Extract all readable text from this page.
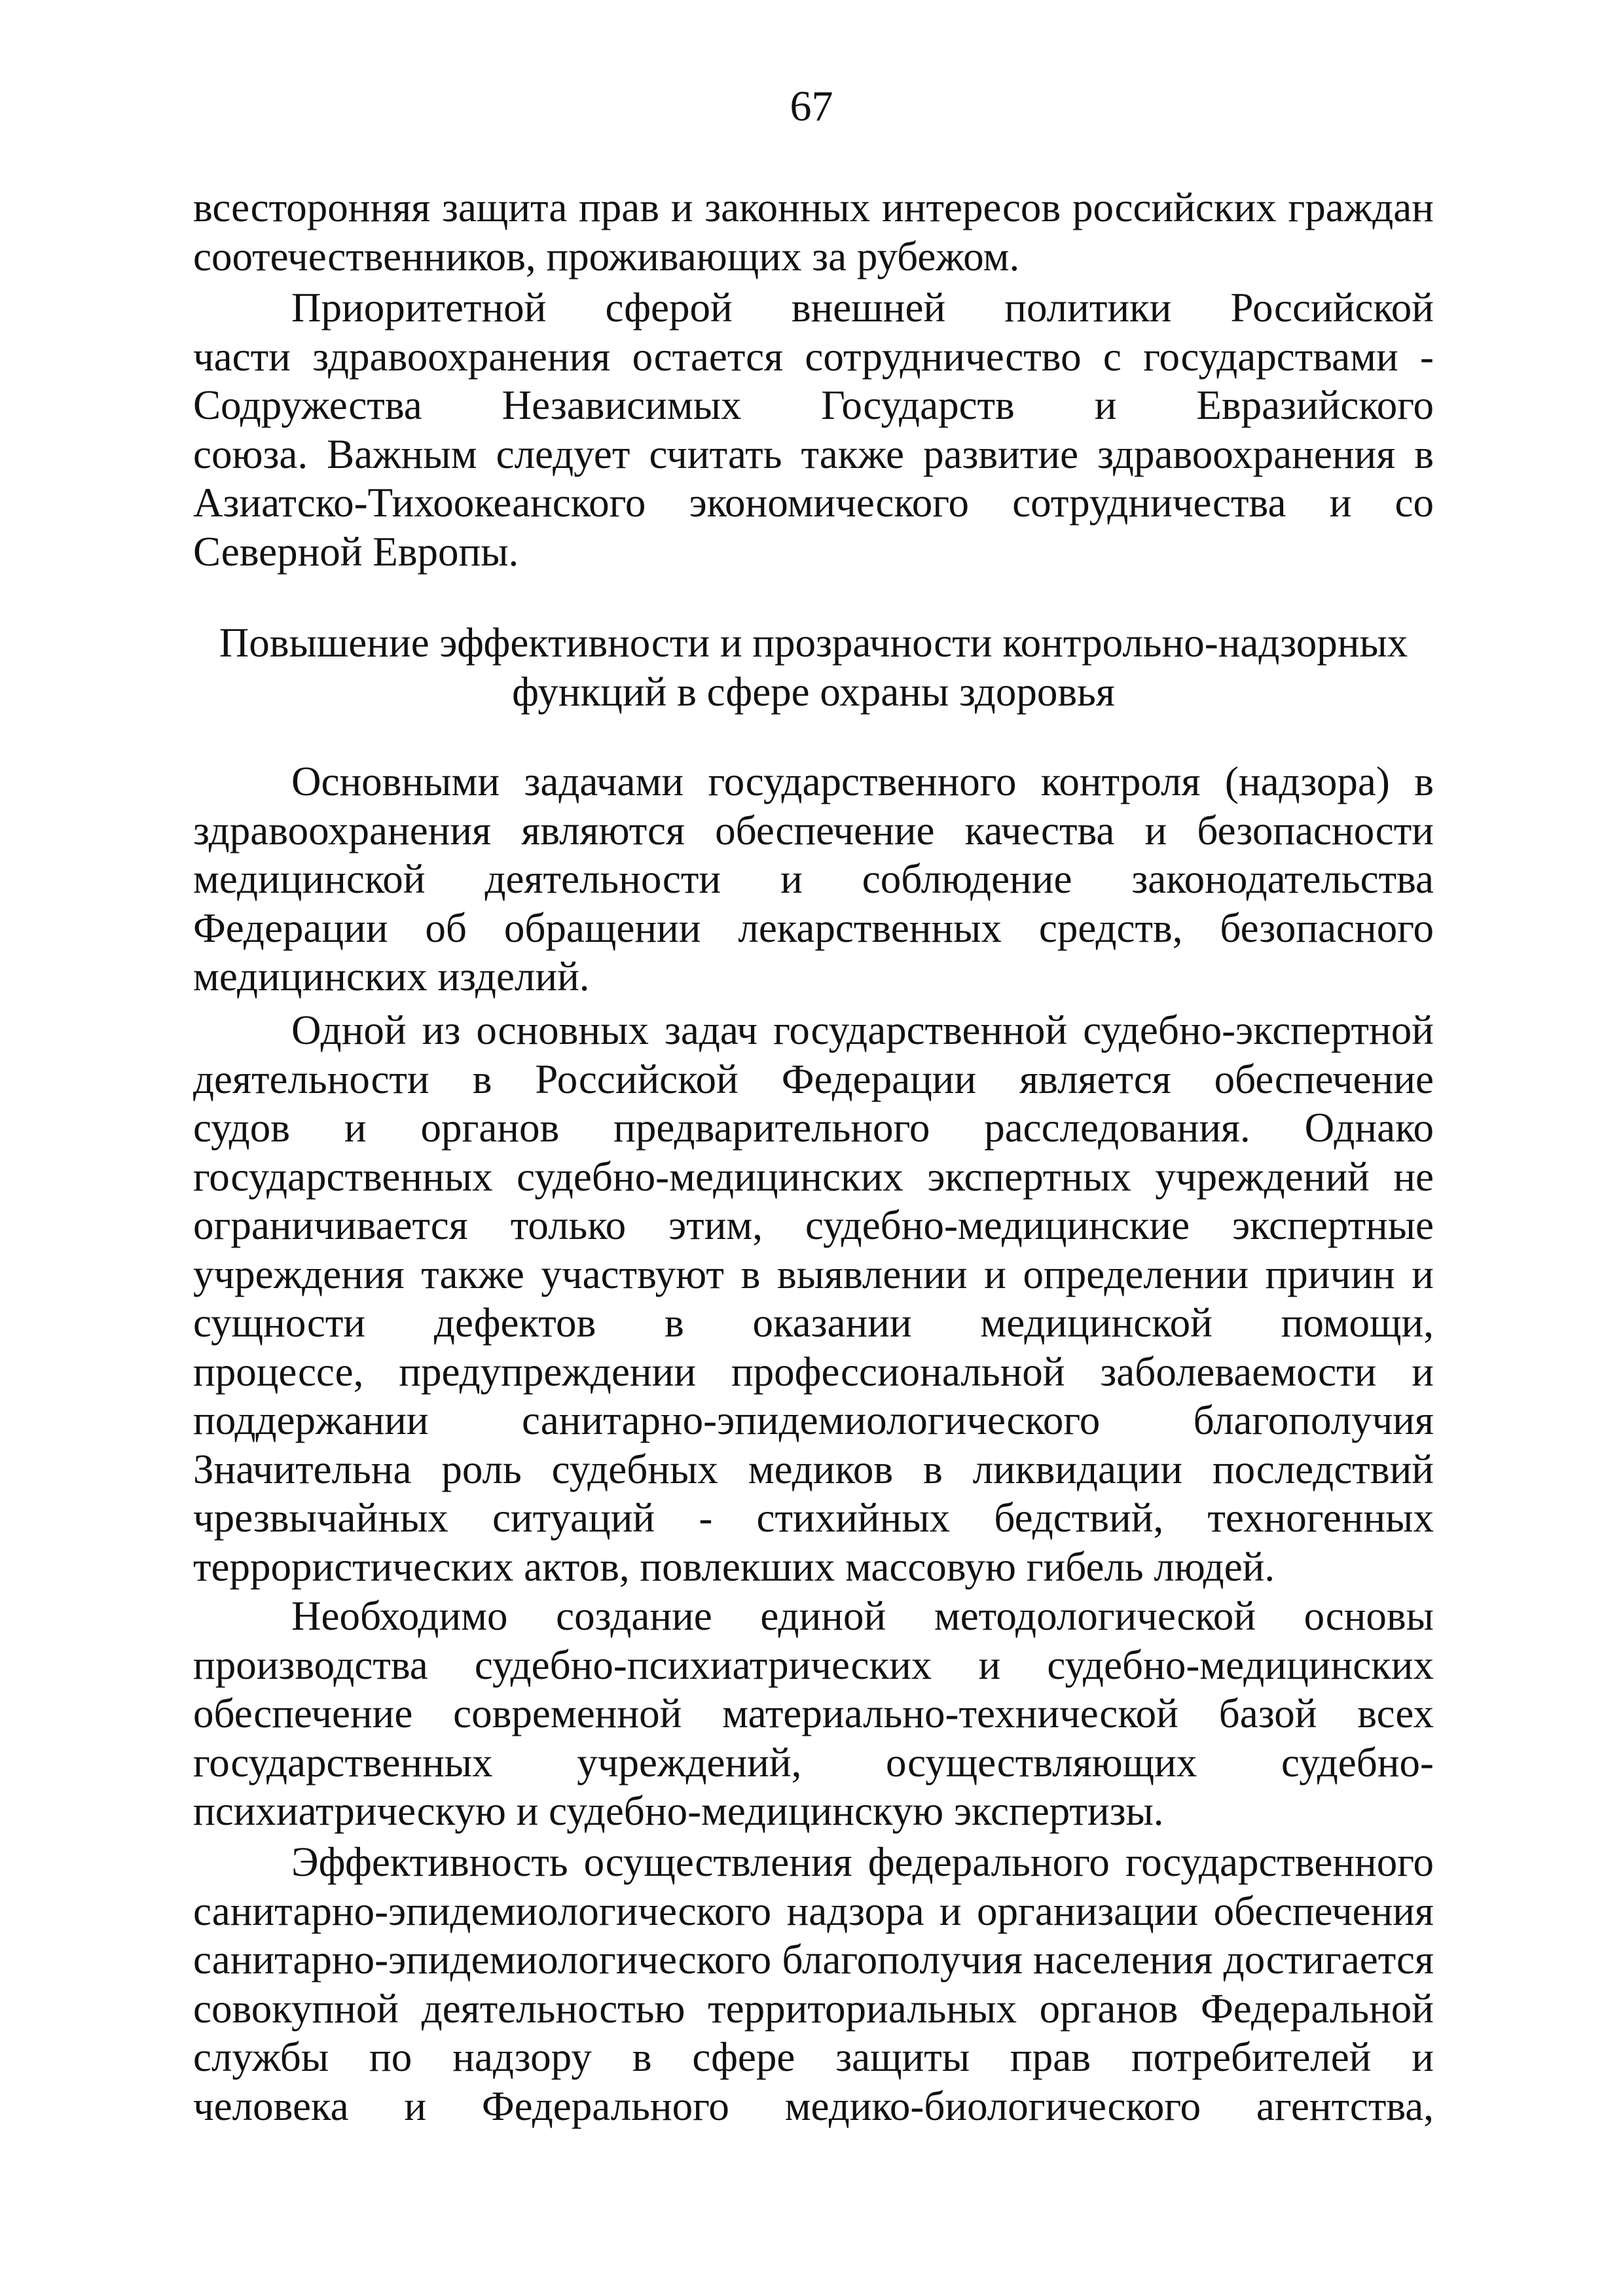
67
всесторонняя защита прав и законных интересов российских граждан
соотечественников, проживающих за рубежом.
Приоритетной сферой внешней политики Российской
части здравоохранения остается сотрудничество с государствами -
Содружества Независимых Государств и Евразийского
союза. Важным следует считать также развитие здравоохранения в
Азиатско-Тихоокеанского экономического сотрудничества и со
Северной Европы.
Повышение эффективности и прозрачности контрольно-надзорных
функций в сфере охраны здоровья
Основными задачами государственного контроля (надзора) в
здравоохранения являются обеспечение качества и безопасности
медицинской деятельности и соблюдение законодательства
Федерации об обращении лекарственных средств, безопасного
медицинских изделий.
Одной из основных задач государственной судебно-экспертной
деятельности в Российской Федерации является обеспечение
судов и органов предварительного расследования. Однако
государственных судебно-медицинских экспертных учреждений не
ограничивается только этим, судебно-медицинские экспертные
учреждения также участвуют в выявлении и определении причин и
сущности дефектов в оказании медицинской помощи,
процессе, предупреждении профессиональной заболеваемости и
поддержании санитарно-эпидемиологического благополучия
Значительна роль судебных медиков в ликвидации последствий
чрезвычайных ситуаций - стихийных бедствий, техногенных
террористических актов, повлекших массовую гибель людей.
Необходимо создание единой методологической основы
производства судебно-психиатрических и судебно-медицинских
обеспечение современной материально-технической базой всех
государственных учреждений, осуществляющих судебно-
психиатрическую и судебно-медицинскую экспертизы.
Эффективность осуществления федерального государственного
санитарно-эпидемиологического надзора и организации обеспечения
санитарно-эпидемиологического благополучия населения достигается
совокупной деятельностью территориальных органов Федеральной
службы по надзору в сфере защиты прав потребителей и
человека и Федерального медико-биологического агентства,
